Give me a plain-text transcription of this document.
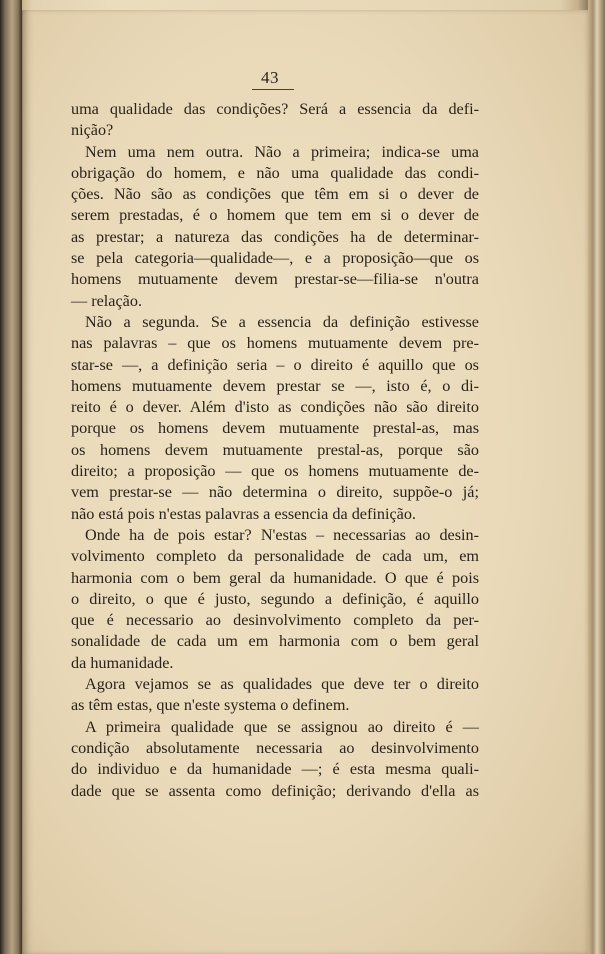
43
uma qualidade das condições? Será a essencia da defi-
nição?
Nem uma nem outra. Não a primeira; indica-se uma
obrigação do homem, e não uma qualidade das condi-
ções. Não são as condições que têm em si o dever de
serem prestadas, é o homem que tem em si o dever de
as prestar; a natureza das condições ha de determinar-
se pela categoria—qualidade—, e a proposição—que os
homens mutuamente devem prestar-se—filia-se n'outra
— relação.
Não a segunda. Se a essencia da definição estivesse
nas palavras – que os homens mutuamente devem pre-
star-se —, a definição seria – o direito é aquillo que os
homens mutuamente devem prestar se —, isto é, o di-
reito é o dever. Além d'isto as condições não são direito
porque os homens devem mutuamente prestal-as, mas
os homens devem mutuamente prestal-as, porque são
direito; a proposição — que os homens mutuamente de-
vem prestar-se — não determina o direito, suppõe-o já;
não está pois n'estas palavras a essencia da definição.
Onde ha de pois estar? N'estas – necessarias ao desin-
volvimento completo da personalidade de cada um, em
harmonia com o bem geral da humanidade. O que é pois
o direito, o que é justo, segundo a definição, é aquillo
que é necessario ao desinvolvimento completo da per-
sonalidade de cada um em harmonia com o bem geral
da humanidade.
Agora vejamos se as qualidades que deve ter o direito
as têm estas, que n'este systema o definem.
A primeira qualidade que se assignou ao direito é —
condição absolutamente necessaria ao desinvolvimento
do individuo e da humanidade —; é esta mesma quali-
dade que se assenta como definição; derivando d'ella as
